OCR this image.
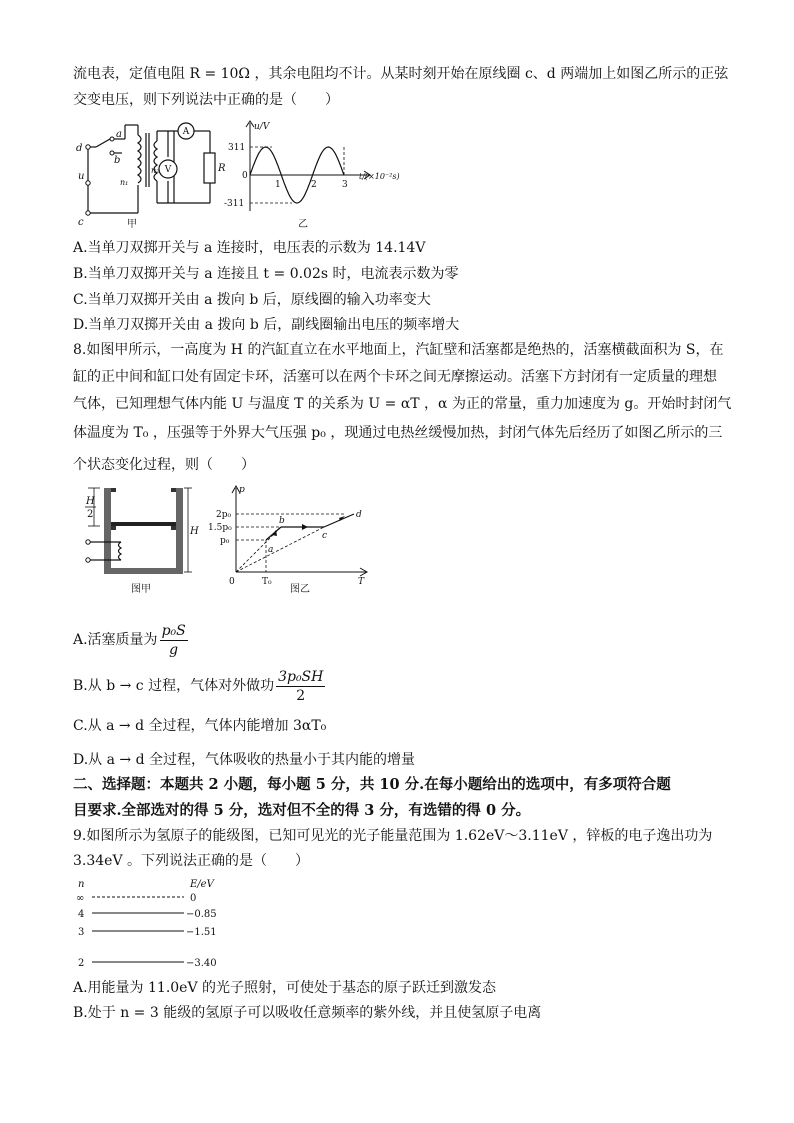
流电表，定值电阻 R = 10Ω ，其余电阻均不计。从某时刻开始在原线圈 c、d 两端加上如图乙所示的正弦
交变电压，则下列说法中正确的是（　　）
d
a
b
u
c
n₁
n₂	R
A
V
甲
u/V
311
-311
0
1	2	3
t/(×10⁻²s)
乙
A.当单刀双掷开关与 a 连接时，电压表的示数为 14.14V
B.当单刀双掷开关与 a 连接且 t = 0.02s 时，电流表示数为零
C.当单刀双掷开关由 a 拨向 b 后，原线圈的输入功率变大
D.当单刀双掷开关由 a 拨向 b 后，副线圈输出电压的频率增大
8.如图甲所示，一高度为 H 的汽缸直立在水平地面上，汽缸壁和活塞都是绝热的，活塞横截面积为 S，在
缸的正中间和缸口处有固定卡环，活塞可以在两个卡环之间无摩擦运动。活塞下方封闭有一定质量的理想
气体，已知理想气体内能 U 与温度 T 的关系为 U = αT ，α 为正的常量，重力加速度为 g。开始时封闭气
体温度为 T₀ ，压强等于外界大气压强 p₀ ，现通过电热丝缓慢加热，封闭气体先后经历了如图乙所示的三
个状态变化过程，则（　　）
H
2
H
图甲
p
T
0	T₀
2p₀
1.5p₀
p₀
a
b
c
d
图乙
A.活塞质量为 $\frac{\text{p₀S}}{g}$
B.从 b → c 过程，气体对外做功 $\frac{\text{3p₀SH}}{2}$
C.从 a → d 全过程，气体内能增加 3αT₀
D.从 a → d 全过程，气体吸收的热量小于其内能的增量
二、选择题：本题共 2 小题，每小题 5 分，共 10 分.在每小题给出的选项中，有多项符合题
目要求.全部选对的得 5 分，选对但不全的得 3 分，有选错的得 0 分。
9.如图所示为氢原子的能级图，已知可见光的光子能量范围为 1.62eV～3.11eV ，锌板的电子逸出功为
3.34eV 。下列说法正确的是（　　）
n	E/eV
∞	0
4	−0.85
3	−1.51
2	−3.40
A.用能量为 11.0eV 的光子照射，可使处于基态的原子跃迁到激发态
B.处于 n = 3 能级的氢原子可以吸收任意频率的紫外线，并且使氢原子电离
